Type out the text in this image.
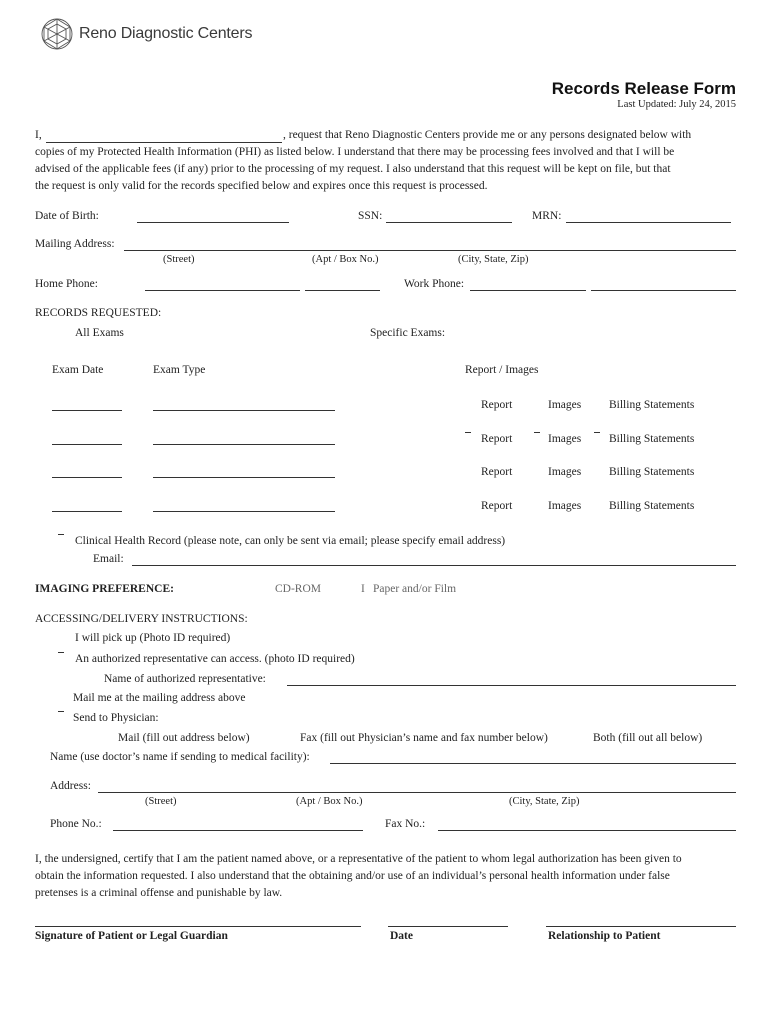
Reno Diagnostic Centers
Records Release Form
Last Updated: July 24, 2015
I,	, request that Reno Diagnostic Centers provide me or any persons designated below with
copies of my Protected Health Information (PHI) as listed below. I understand that there may be processing fees involved and that I will be
advised of the applicable fees (if any) prior to the processing of my request. I also understand that this request will be kept on file, but that
the request is only valid for the records specified below and expires once this request is processed.
Date of Birth:	SSN:	MRN:
Mailing Address:
(Street)	(Apt / Box No.)	(City, State, Zip)
Home Phone:	Work Phone:
RECORDS REQUESTED:
All Exams	Specific Exams:
Exam Date	Exam Type	Report / Images
Report	Images Billing Statements
Report	Images Billing Statements
Report	Images Billing Statements
Report	Images Billing Statements
Clinical Health Record (please note, can only be sent via email; please specify email address)
Email:
IMAGING PREFERENCE:	CD-ROM	I Paper and/or Film
ACCESSING/DELIVERY INSTRUCTIONS:
I will pick up (Photo ID required)
An authorized representative can access. (photo ID required)
Name of authorized representative:
Mail me at the mailing address above
Send to Physician:
Mail (fill out address below)	Fax (fill out Physician’s name and fax number below)	Both (fill out all below)
Name (use doctor’s name if sending to medical facility):
Address:
(Street)	(Apt / Box No.)	(City, State, Zip)
Phone No.:	Fax No.:
I, the undersigned, certify that I am the patient named above, or a representative of the patient to whom legal authorization has been given to
obtain the information requested. I also understand that the obtaining and/or use of an individual’s personal health information under false
pretenses is a criminal offense and punishable by law.
Signature of Patient or Legal Guardian	Date	Relationship to Patient
